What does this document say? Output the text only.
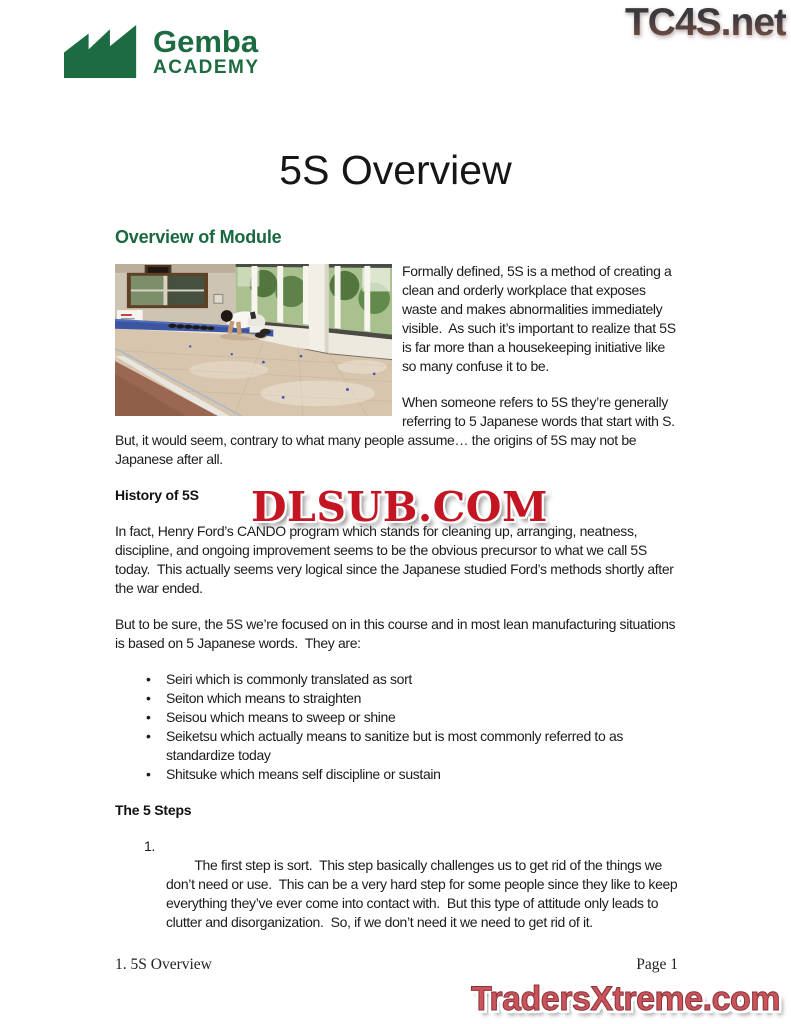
Gemba
ACADEMY
TC4S.net
5S Overview
Overview of Module

Formally defined, 5S is a method of creating a clean and orderly workplace that exposes waste and makes abnormalities immediately visible.  As such it’s important to realize that 5S is far more than a housekeeping initiative like so many confuse it to be.

When someone refers to 5S they’re generally referring to 5 Japanese words that start with S.  But, it would seem, contrary to what many people assume… the origins of 5S may not be Japanese after all.

History of 5S

In fact, Henry Ford’s CANDO program which stands for cleaning up, arranging, neatness, discipline, and ongoing improvement seems to be the obvious precursor to what we call 5S today.  This actually seems very logical since the Japanese studied Ford’s methods shortly after the war ended.

But to be sure, the 5S we’re focused on in this course and in most lean manufacturing situations is based on 5 Japanese words.  They are:

• Seiri which is commonly translated as sort
• Seiton which means to straighten
• Seisou which means to sweep or shine
• Seiketsu which actually means to sanitize but is most commonly referred to as standardize today
• Shitsuke which means self discipline or sustain
The 5 Steps

1.
The first step is sort.  This step basically challenges us to get rid of the things we don’t need or use.  This can be a very hard step for some people since they like to keep everything they’ve ever come into contact with.  But this type of attitude only leads to clutter and disorganization.  So, if we don’t need it we need to get rid of it.

DLSUB.COM
TradersXtreme.com
1. 5S Overview	Page 1
